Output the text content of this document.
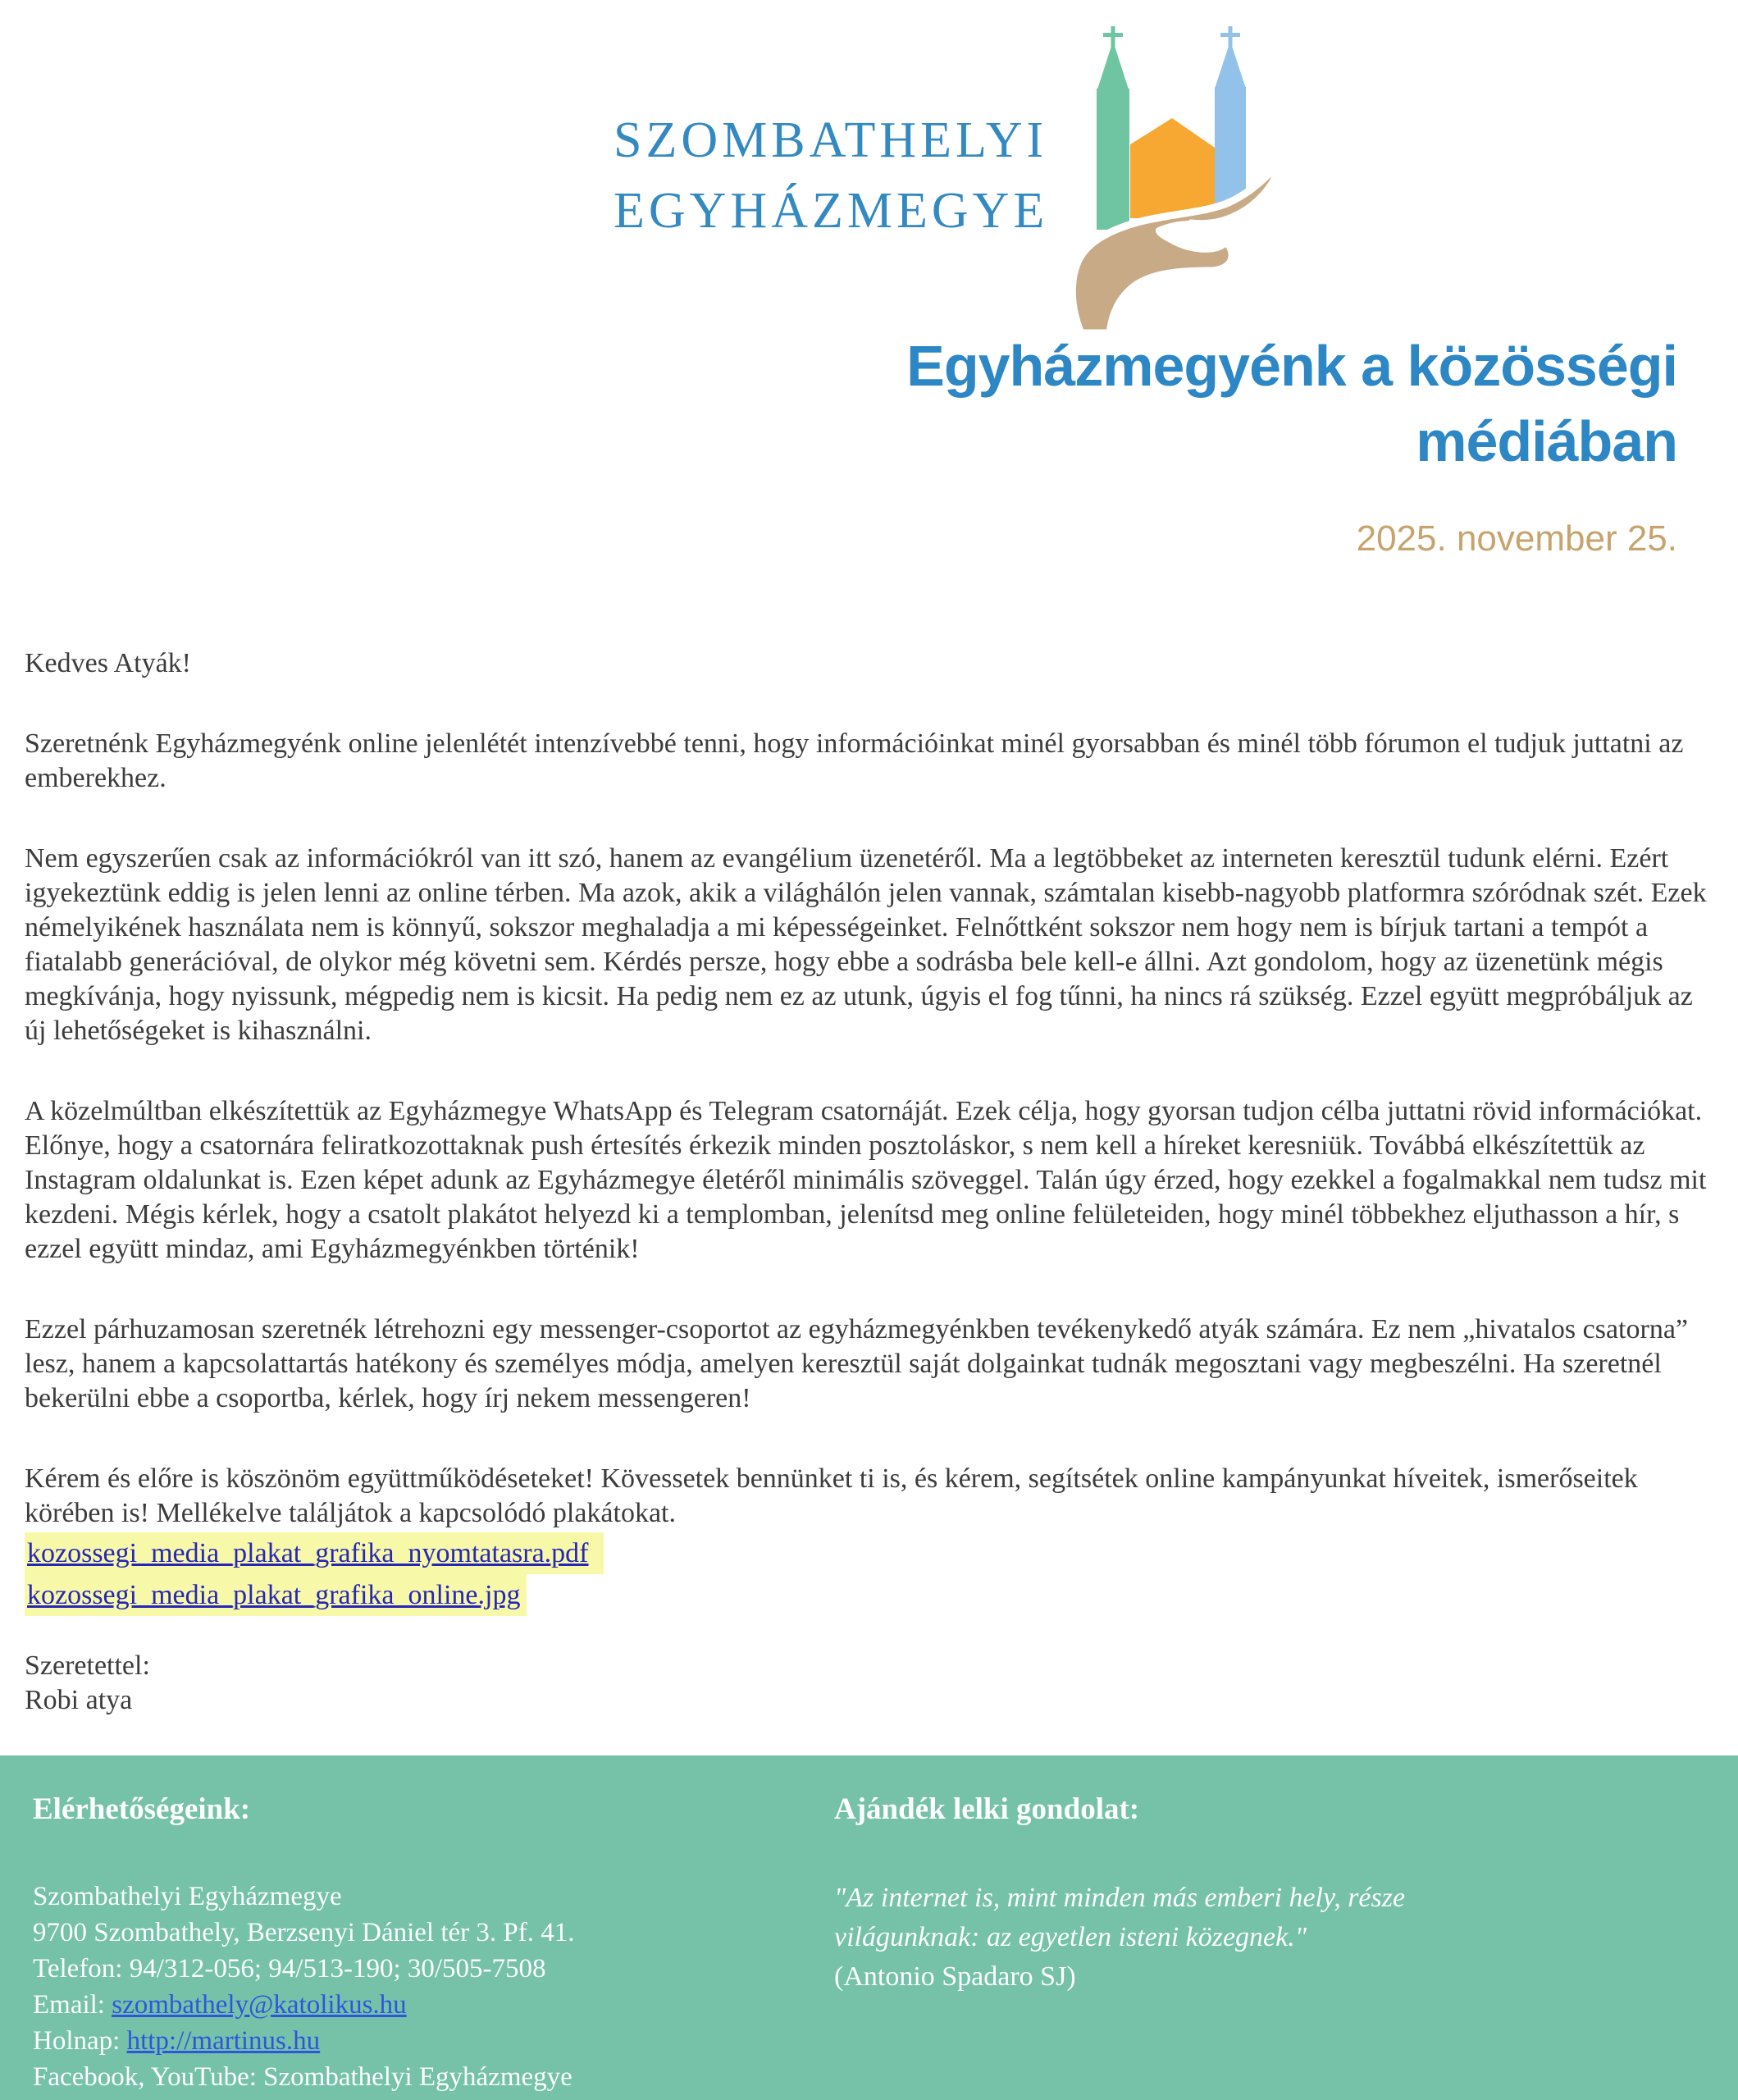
SZOMBATHELYI
EGYHÁZMEGYE
Egyházmegyénk a közösségi
médiában
2025. november 25.

Kedves Atyák!

Szeretnénk Egyházmegyénk online jelenlétét intenzívebbé tenni, hogy információinkat minél gyorsabban és minél több fórumon el tudjuk juttatni az emberekhez.

Nem egyszerűen csak az információkról van itt szó, hanem az evangélium üzenetéről. Ma a legtöbbeket az interneten keresztül tudunk elérni. Ezért igyekeztünk eddig is jelen lenni az online térben. Ma azok, akik a világhálón jelen vannak, számtalan kisebb-nagyobb platformra szóródnak szét. Ezek némelyikének használata nem is könnyű, sokszor meghaladja a mi képességeinket. Felnőttként sokszor nem hogy nem is bírjuk tartani a tempót a fiatalabb generációval, de olykor még követni sem. Kérdés persze, hogy ebbe a sodrásba bele kell-e állni. Azt gondolom, hogy az üzenetünk mégis megkívánja, hogy nyissunk, mégpedig nem is kicsit. Ha pedig nem ez az utunk, úgyis el fog tűnni, ha nincs rá szükség. Ezzel együtt megpróbáljuk az új lehetőségeket is kihasználni.

A közelmúltban elkészítettük az Egyházmegye WhatsApp és Telegram csatornáját. Ezek célja, hogy gyorsan tudjon célba juttatni rövid információkat. Előnye, hogy a csatornára feliratkozottaknak push értesítés érkezik minden posztoláskor, s nem kell a híreket keresniük. Továbbá elkészítettük az Instagram oldalunkat is. Ezen képet adunk az Egyházmegye életéről minimális szöveggel. Talán úgy érzed, hogy ezekkel a fogalmakkal nem tudsz mit kezdeni. Mégis kérlek, hogy a csatolt plakátot helyezd ki a templomban, jelenítsd meg online felületeiden, hogy minél többekhez eljuthasson a hír, s ezzel együtt mindaz, ami Egyházmegyénkben történik!

Ezzel párhuzamosan szeretnék létrehozni egy messenger-csoportot az egyházmegyénkben tevékenykedő atyák számára. Ez nem „hivatalos csatorna” lesz, hanem a kapcsolattartás hatékony és személyes módja, amelyen keresztül saját dolgainkat tudnák megosztani vagy megbeszélni. Ha szeretnél bekerülni ebbe a csoportba, kérlek, hogy írj nekem messengeren!

Kérem és előre is köszönöm együttműködéseteket! Kövessetek bennünket ti is, és kérem, segítsétek online kampányunkat híveitek, ismerőseitek körében is! Mellékelve találjátok a kapcsolódó plakátokat.

kozossegi_media_plakat_grafika_nyomtatasra.pdf
kozossegi_media_plakat_grafika_online.jpg
Szeretettel:
Robi atya

Elérhetőségeink:

Szombathelyi Egyházmegye
9700 Szombathely, Berzsenyi Dániel tér 3. Pf. 41.
Telefon: 94/312-056; 94/513-190; 30/505-7508
Email: szombathely@katolikus.hu
Holnap: http://martinus.hu
Facebook, YouTube: Szombathelyi Egyházmegye

Ajándék lelki gondolat:

"Az internet is, mint minden más emberi hely, része világunknak: az egyetlen isteni közegnek."

(Antonio Spadaro SJ)
